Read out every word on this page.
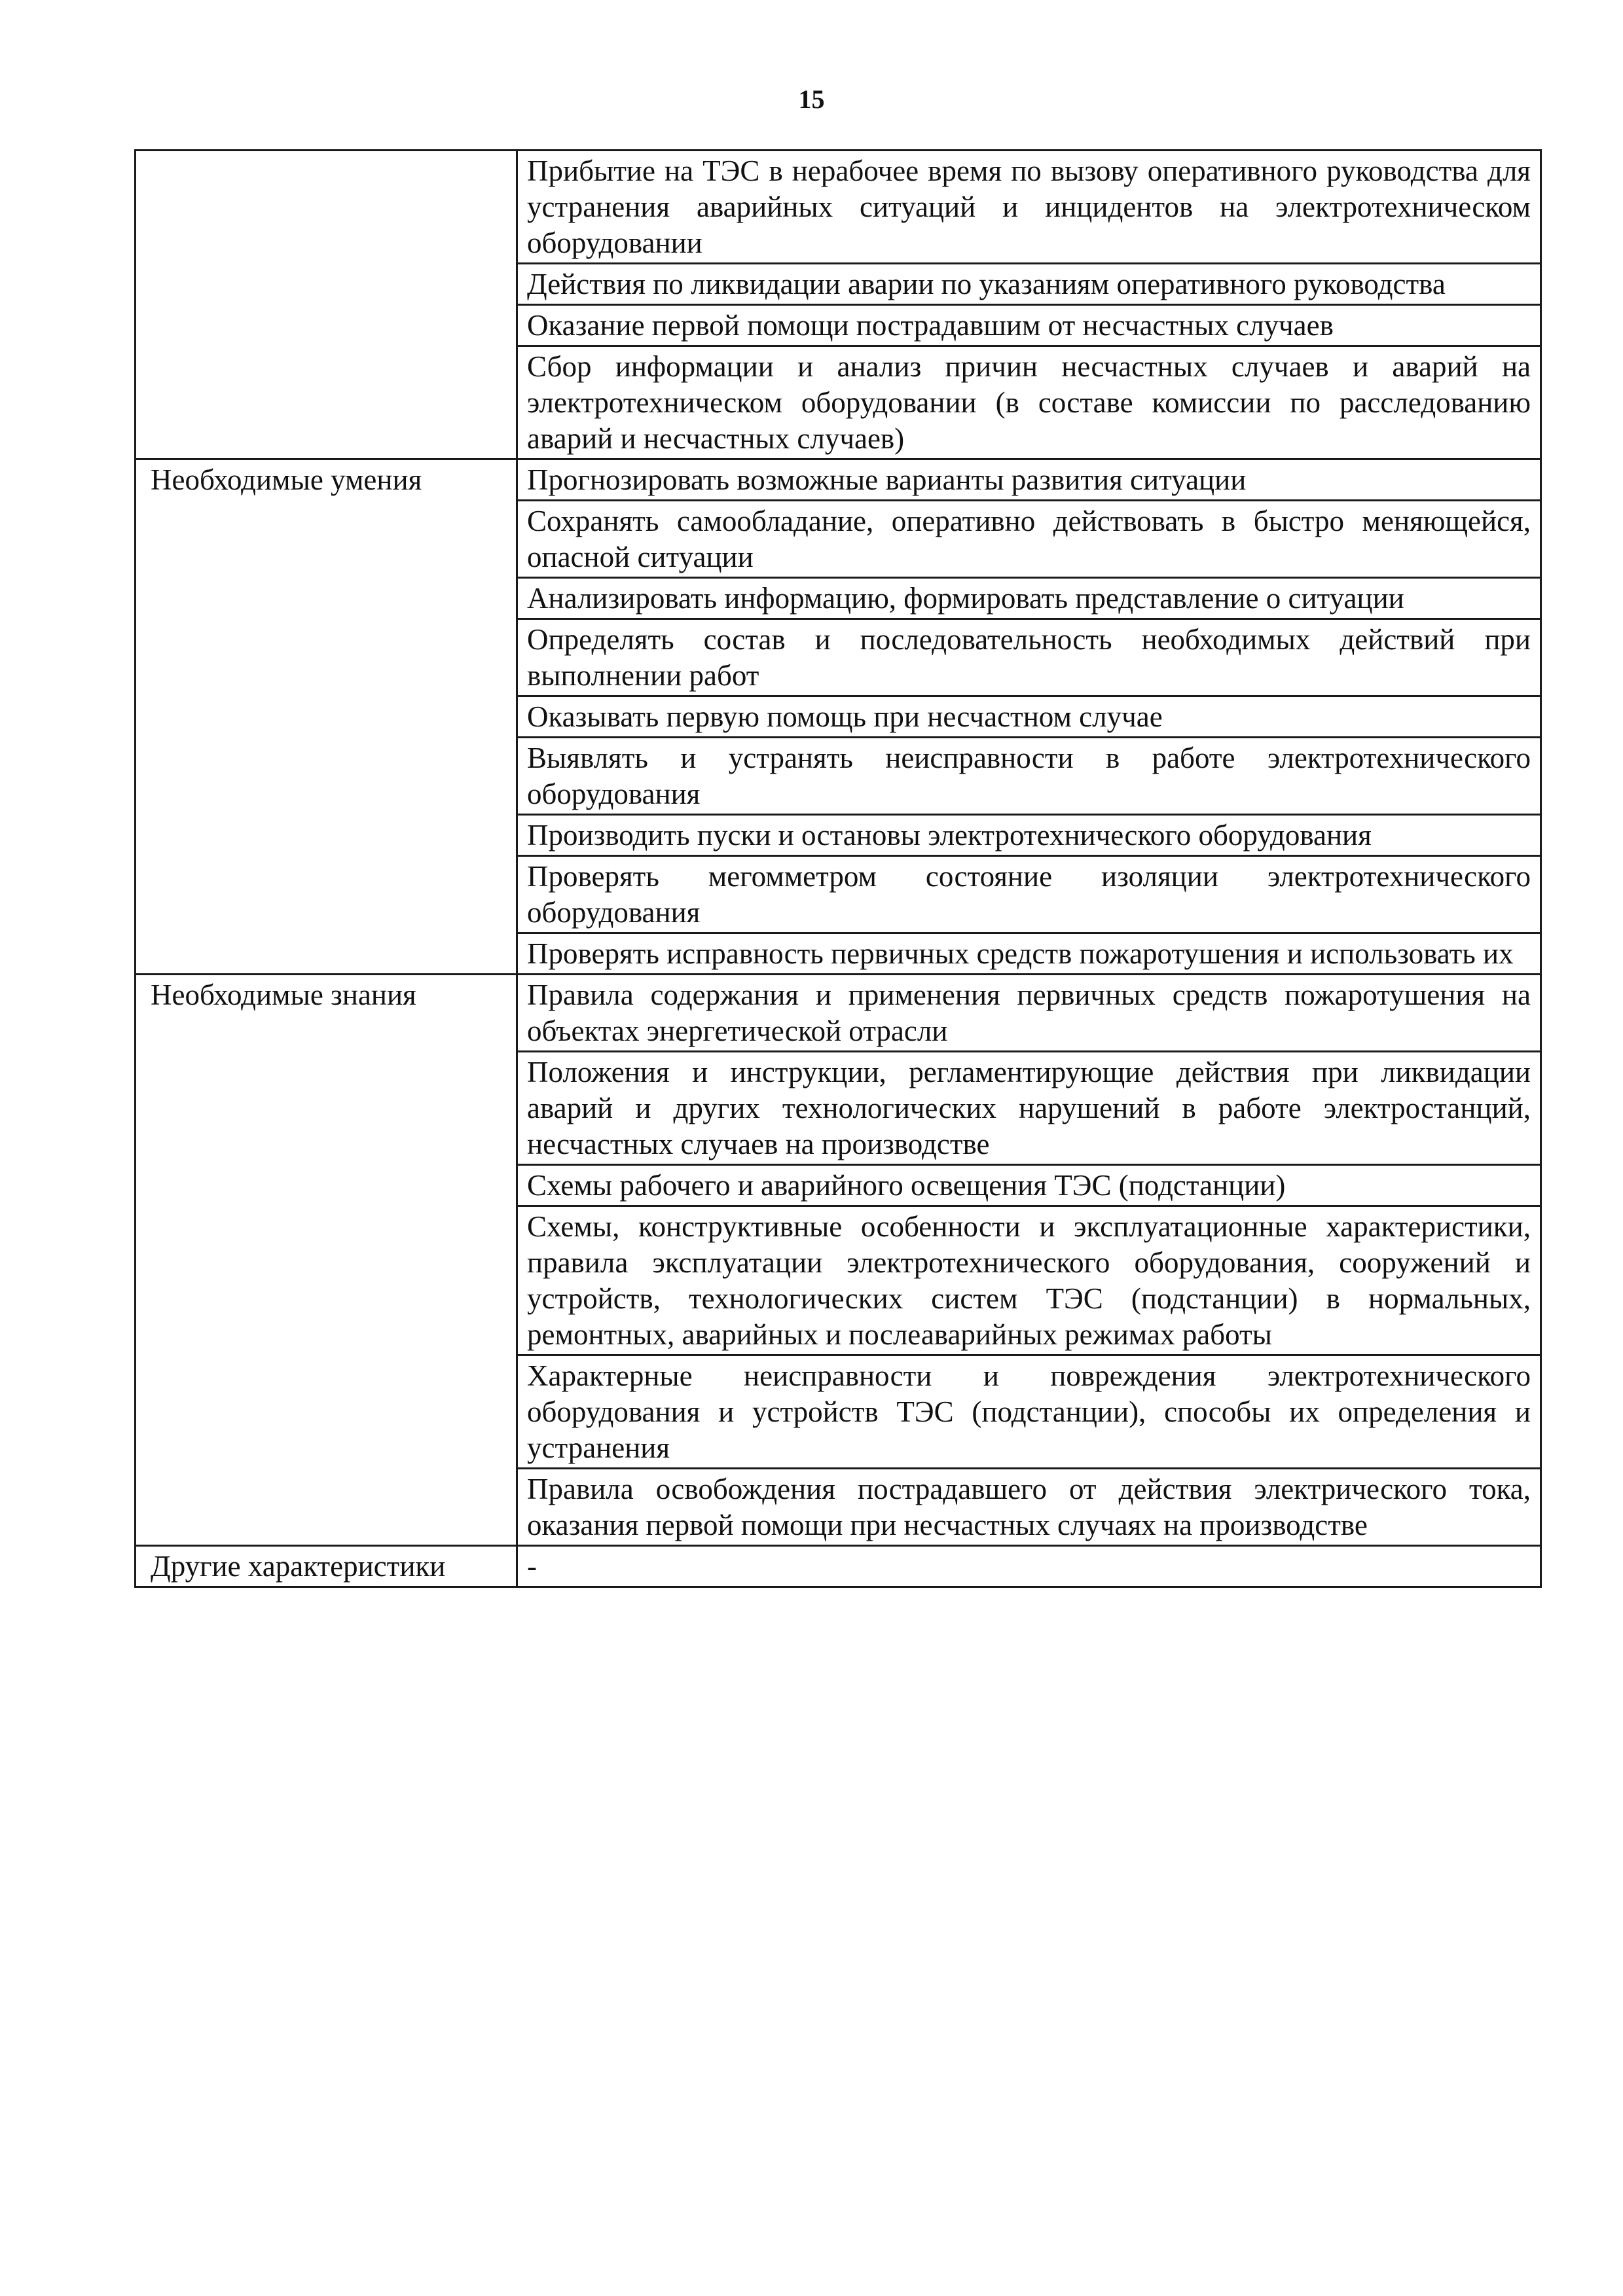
15
	Прибытие на ТЭС в нерабочее время по вызову оперативного руководства для устранения аварийных ситуаций и инцидентов на электротехническом оборудовании
	Действия по ликвидации аварии по указаниям оперативного руководства
	Оказание первой помощи пострадавшим от несчастных случаев
	Сбор информации и анализ причин несчастных случаев и аварий на электротехническом оборудовании (в составе комиссии по расследованию аварий и несчастных случаев)
Необходимые умения	Прогнозировать возможные варианты развития ситуации
	Сохранять самообладание, оперативно действовать в быстро меняющейся, опасной ситуации
	Анализировать информацию, формировать представление о ситуации
	Определять состав и последовательность необходимых действий при выполнении работ
	Оказывать первую помощь при несчастном случае
	Выявлять и устранять неисправности в работе электротехнического оборудования
	Производить пуски и остановы электротехнического оборудования
	Проверять мегомметром состояние изоляции электротехнического оборудования
	Проверять исправность первичных средств пожаротушения и использовать их
Необходимые знания	Правила содержания и применения первичных средств пожаротушения на объектах энергетической отрасли
	Положения и инструкции, регламентирующие действия при ликвидации аварий и других технологических нарушений в работе электростанций, несчастных случаев на производстве
	Схемы рабочего и аварийного освещения ТЭС (подстанции)
	Схемы, конструктивные особенности и эксплуатационные характеристики, правила эксплуатации электротехнического оборудования, сооружений и устройств, технологических систем ТЭС (подстанции) в нормальных, ремонтных, аварийных и послеаварийных режимах работы
	Характерные неисправности и повреждения электротехнического оборудования и устройств ТЭС (подстанции), способы их определения и устранения
	Правила освобождения пострадавшего от действия электрического тока, оказания первой помощи при несчастных случаях на производстве
Другие характеристики	-
